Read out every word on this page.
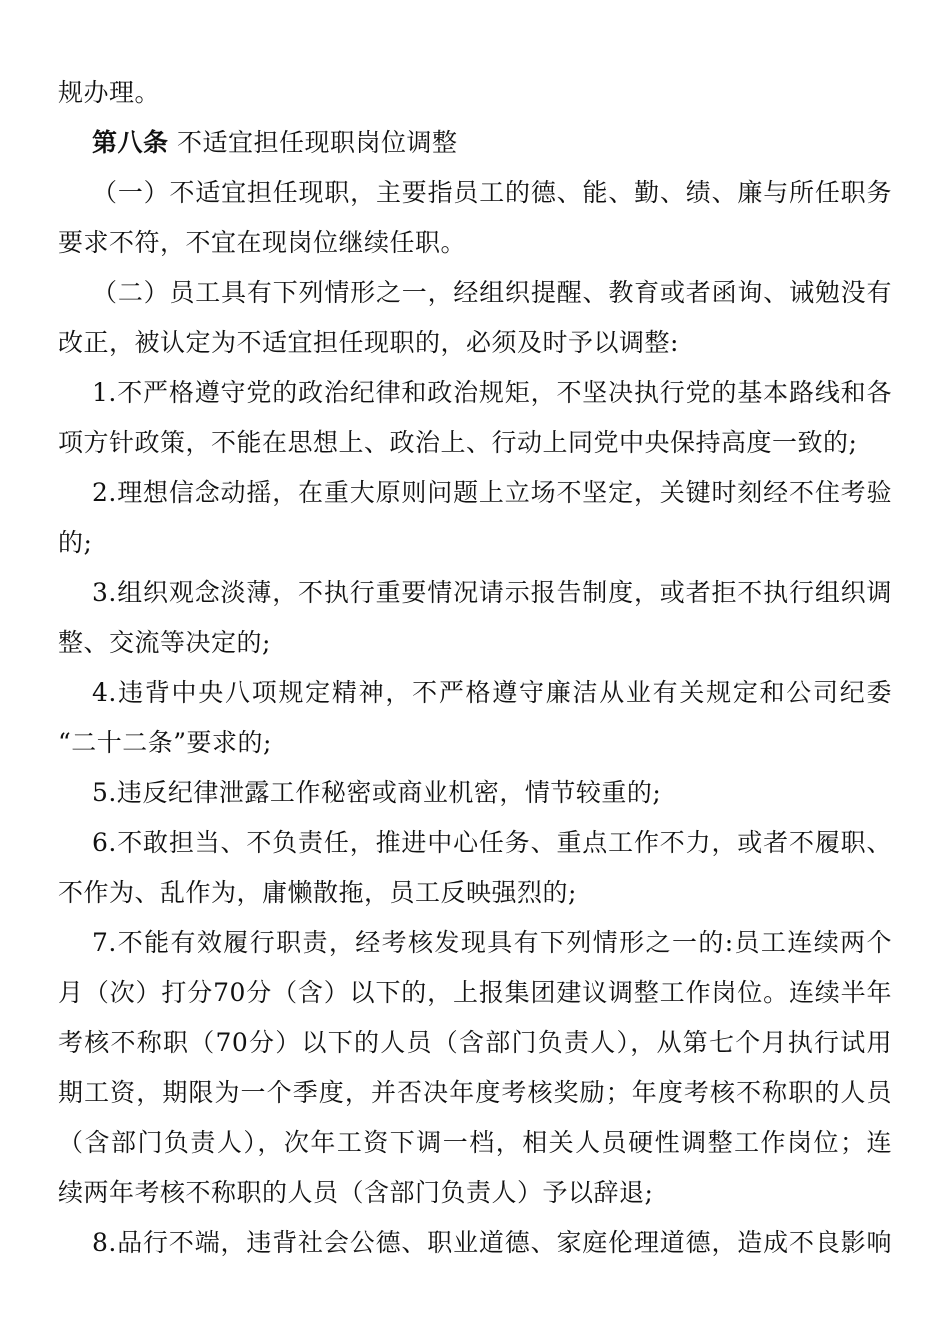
规办理。
第八条 不适宜担任现职岗位调整
（一）不适宜担任现职，主要指员工的德、能、勤、绩、廉与所任职务
要求不符，不宜在现岗位继续任职。
（二）员工具有下列情形之一，经组织提醒、教育或者函询、诫勉没有
改正，被认定为不适宜担任现职的，必须及时予以调整:
1.不严格遵守党的政治纪律和政治规矩，不坚决执行党的基本路线和各
项方针政策，不能在思想上、政治上、行动上同党中央保持高度一致的;
2.理想信念动摇，在重大原则问题上立场不坚定，关键时刻经不住考验
的;
3.组织观念淡薄，不执行重要情况请示报告制度，或者拒不执行组织调
整、交流等决定的;
4.违背中央八项规定精神，不严格遵守廉洁从业有关规定和公司纪委
“二十二条”要求的;
5.违反纪律泄露工作秘密或商业机密，情节较重的;
6.不敢担当、不负责任，推进中心任务、重点工作不力，或者不履职、
不作为、乱作为，庸懒散拖，员工反映强烈的;
7.不能有效履行职责，经考核发现具有下列情形之一的:员工连续两个
月（次）打分70分（含）以下的，上报集团建议调整工作岗位。连续半年
考核不称职（70分）以下的人员（含部门负责人），从第七个月执行试用
期工资，期限为一个季度，并否决年度考核奖励；年度考核不称职的人员
（含部门负责人），次年工资下调一档，相关人员硬性调整工作岗位；连
续两年考核不称职的人员（含部门负责人）予以辞退;
8.品行不端，违背社会公德、职业道德、家庭伦理道德，造成不良影响
